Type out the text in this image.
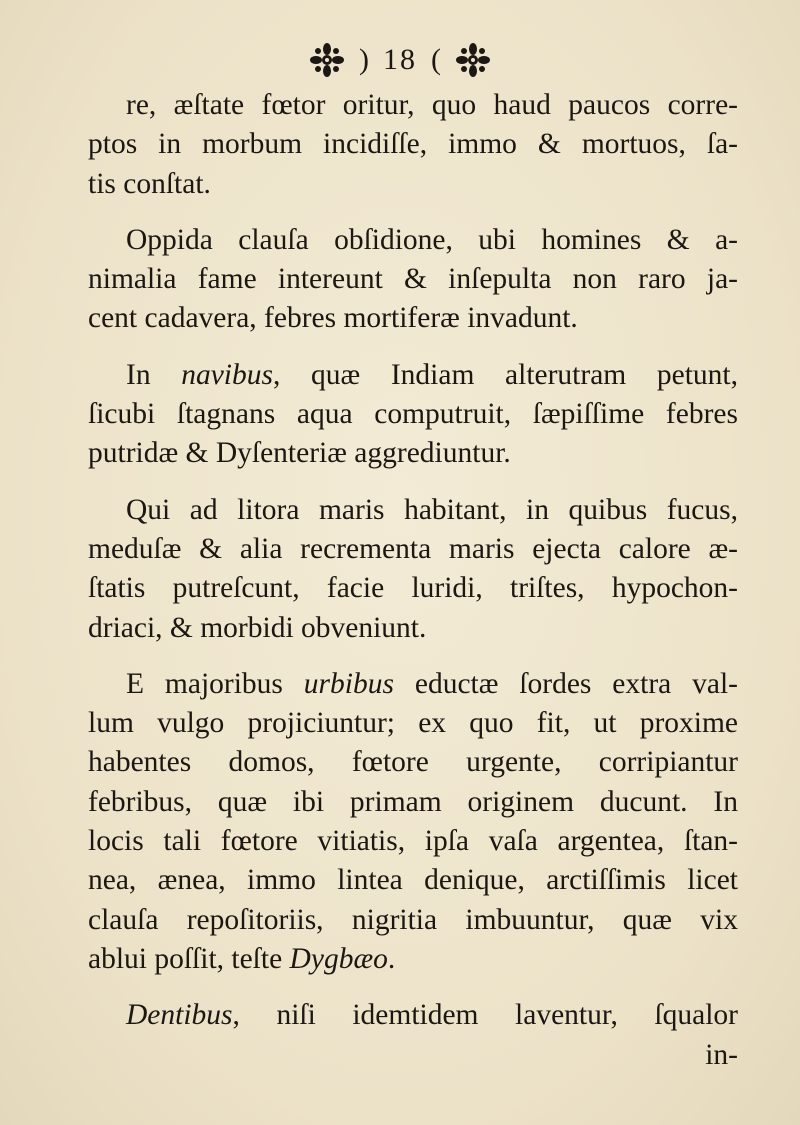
) 18 (
re, æſtate fœtor oritur, quo haud paucos corre-
ptos in morbum incidiſſe, immo & mortuos, ſa-
tis conſtat.
Oppida clauſa obſidione, ubi homines & a-
nimalia fame intereunt & inſepulta non raro ja-
cent cadavera, febres mortiferæ invadunt.
In navibus, quæ Indiam alterutram petunt,
ſicubi ſtagnans aqua computruit, ſæpiſſime febres
putridæ & Dyſenteriæ aggrediuntur.
Qui ad litora maris habitant, in quibus fucus,
meduſæ & alia recrementa maris ejecta calore æ-
ſtatis putreſcunt, facie luridi, triſtes, hypochon-
driaci, & morbidi obveniunt.
E majoribus urbibus eductæ ſordes extra val-
lum vulgo projiciuntur; ex quo fit, ut proxime
habentes domos, fœtore urgente, corripiantur
febribus, quæ ibi primam originem ducunt. In
locis tali fœtore vitiatis, ipſa vaſa argentea, ſtan-
nea, ænea, immo lintea denique, arctiſſimis licet
clauſa repoſitoriis, nigritia imbuuntur, quæ vix
ablui poſſit, teſte Dygbæo.
Dentibus, niſi idemtidem laventur, ſqualor
in-
